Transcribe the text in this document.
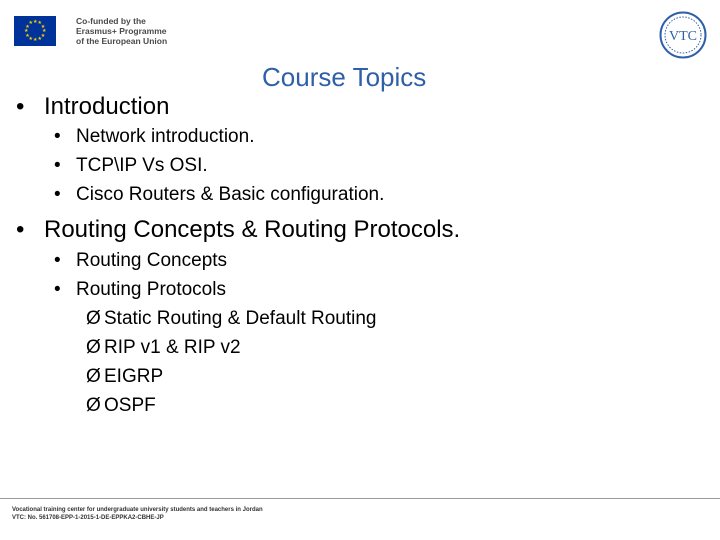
★ ★
★
★
★
★
★
★
★
★
★
★	Co-funded by the
Erasmus+ Programme
of the European Union	VTC
Course Topics
• Introduction
• Network introduction.
• TCP\IP Vs OSI.
• Cisco Routers & Basic configuration.
• Routing Concepts & Routing Protocols.
• Routing Concepts
• Routing Protocols
Ø Static Routing & Default Routing
Ø RIP v1 & RIP v2
Ø EIGRP
Ø OSPF
Vocational training center for undergraduate university students and teachers in Jordan
VTC: No. 561708-EPP-1-2015-1-DE-EPPKA2-CBHE-JP
